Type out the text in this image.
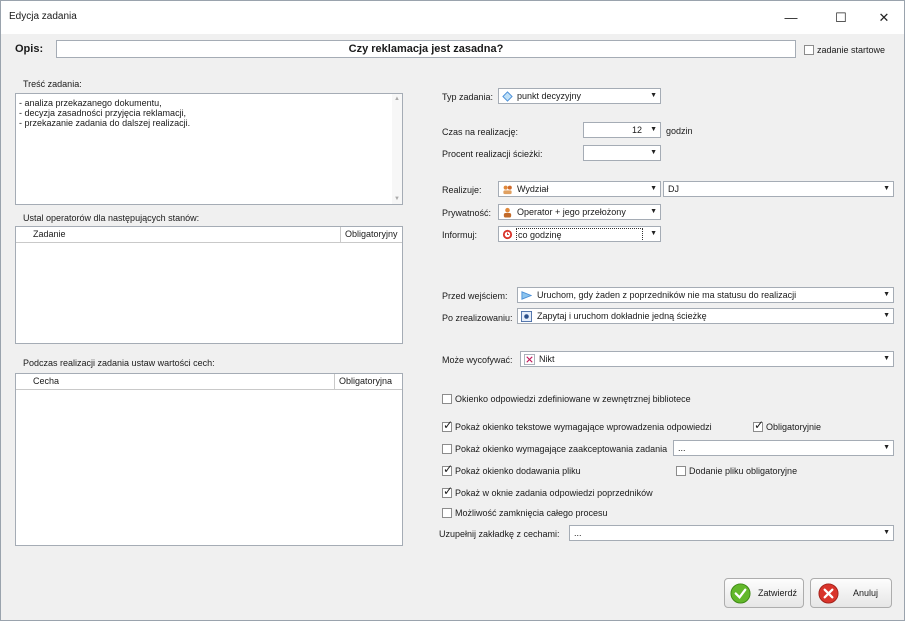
Edycja zadania	—	☐	✕
Opis:	Czy reklamacja jest zasadna?	zadanie startowe
Treść zadania:
- analiza przekazanego dokumentu,
- decyzja zasadności przyjęcia reklamacji,
- przekazanie zadania do dalszej realizacji.
▲
▼
Ustal operatorów dla następujących stanów:
Zadanie	Obligatoryjny
Podczas realizacji zadania ustaw wartości cech:
Cecha	Obligatoryjna
Typ zadania:	punkt decyzyjny	▼
Czas na realizację:	12 ▼ godzin
Procent realizacji ścieżki:	▼
Realizuje:	Wydział	▼ DJ	▼
Prywatność:	Operator + jego przełożony	▼
Informuj:	co godzinę	▼
Przed wejściem:	Uruchom, gdy żaden z poprzedników nie ma statusu do realizacji	▼
Po zrealizowaniu:	Zapytaj i uruchom dokładnie jedną ścieżkę	▼
Może wycofywać:	Nikt	▼
Okienko odpowiedzi zdefiniowane w zewnętrznej bibliotece
✓
Pokaż okienko tekstowe wymagające wprowadzenia odpowiedzi
✓	Obligatoryjnie
Pokaż okienko wymagające zaakceptowania zadania ...	▼
✓
Pokaż okienko dodawania pliku	Dodanie pliku obligatoryjne
✓
Pokaż w oknie zadania odpowiedzi poprzedników
Możliwość zamknięcia całego procesu
Uzupełnij zakładkę z cechami: ...	▼
Zatwierdź	Anuluj
